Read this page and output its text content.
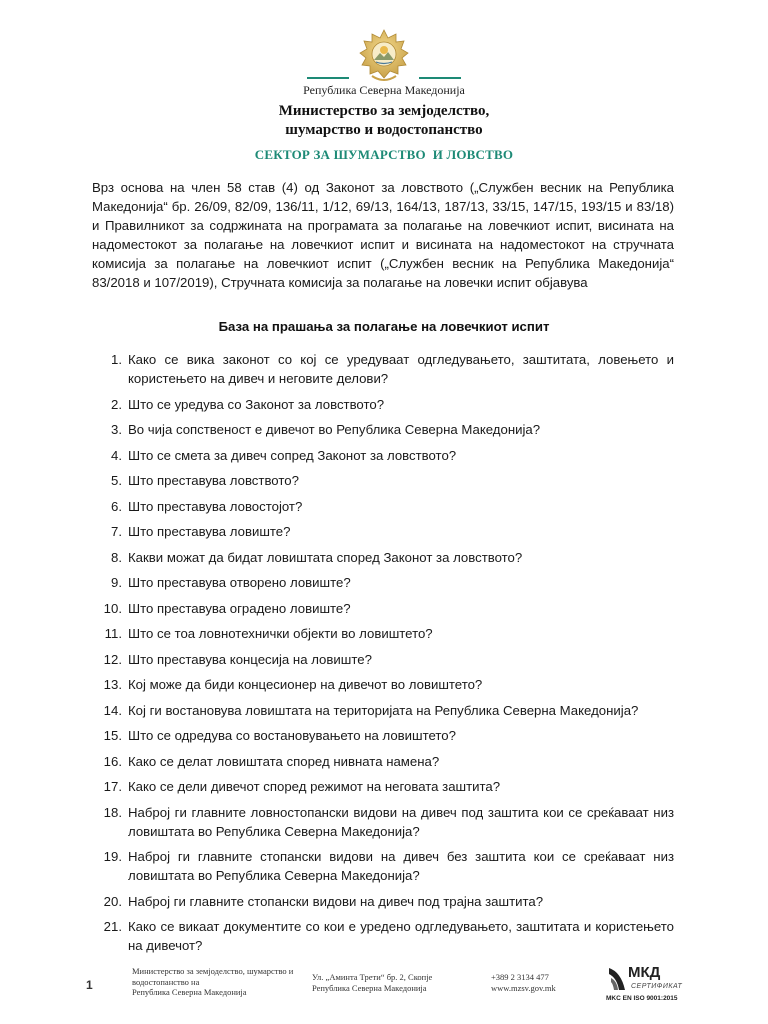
Република Северна Македонија
Министерство за земјоделство,
шумарство и водостопанство
СЕКТОР ЗА ШУМАРСТВО  И ЛОВСТВО
Врз основа на член 58 став (4) од Законот за ловството („Службен весник на Република Македонија“ бр. 26/09, 82/09, 136/11, 1/12, 69/13, 164/13, 187/13, 33/15, 147/15, 193/15 и 83/18) и Правилникот за содржината на програмата за полагање на ловечкиот испит, висината на надоместокот за полагање на ловечкиот испит и висината на надоместокот на стручната комисија за полагање на ловечкиот испит („Службен весник на Република Македонија“ 83/2018 и 107/2019), Стручната комисија за полагање на ловечки испит објавува
База на прашања за полагање на ловечкиот испит
1. Како се вика законот со кој се уредуваат одгледувањето, заштитата, ловењето и користењето на дивеч и неговите делови?
2. Што се уредува со Законот за ловството?
3. Во чија сопственост е дивечот во Република Северна Македонија?
4. Што се смета за дивеч сопред Законот за ловството?
5. Што преставува ловството?
6. Што преставува ловостојот?
7. Што преставува ловиште?
8. Какви можат да бидат ловиштата според Законот за ловството?
9. Што преставува отворено ловиште?
10. Што преставува оградено ловиште?
11. Што се тоа ловнотехнички објекти во ловиштето?
12. Што преставува концесија на ловиште?
13. Кој може да биди концесионер на дивечот во ловиштето?
14. Кој ги востановува ловиштата на територијата на Република Северна Македонија?
15. Што се одредува со востановувањето на ловиштето?
16. Како се делат ловиштата според нивната намена?
17. Како се дели дивечот според режимот на неговата заштита?
18. Наброј ги главните ловностопански видови на дивеч под заштита кои се среќаваат низ ловиштата во Република Северна Македонија?
19. Наброј ги главните стопански видови на дивеч без заштита кои се среќаваат низ ловиштата во Република Северна Македонија?
20. Наброј ги главните стопански видови на дивеч под трајна заштита?
21. Како се викаат документите со кои е уредено одгледувањето, заштитата и користењето на дивечот?
1
Министерство за земјоделство, шумарство и
водостопанство на
Република Северна Македонија
Ул. „Аминта Трети“ бр. 2, Скопје
Република Северна Македонија
+389 2 3134 477
www.mzsv.gov.mk
МКД
СЕРТИФИКАТ
MKC EN ISO 9001:2015
